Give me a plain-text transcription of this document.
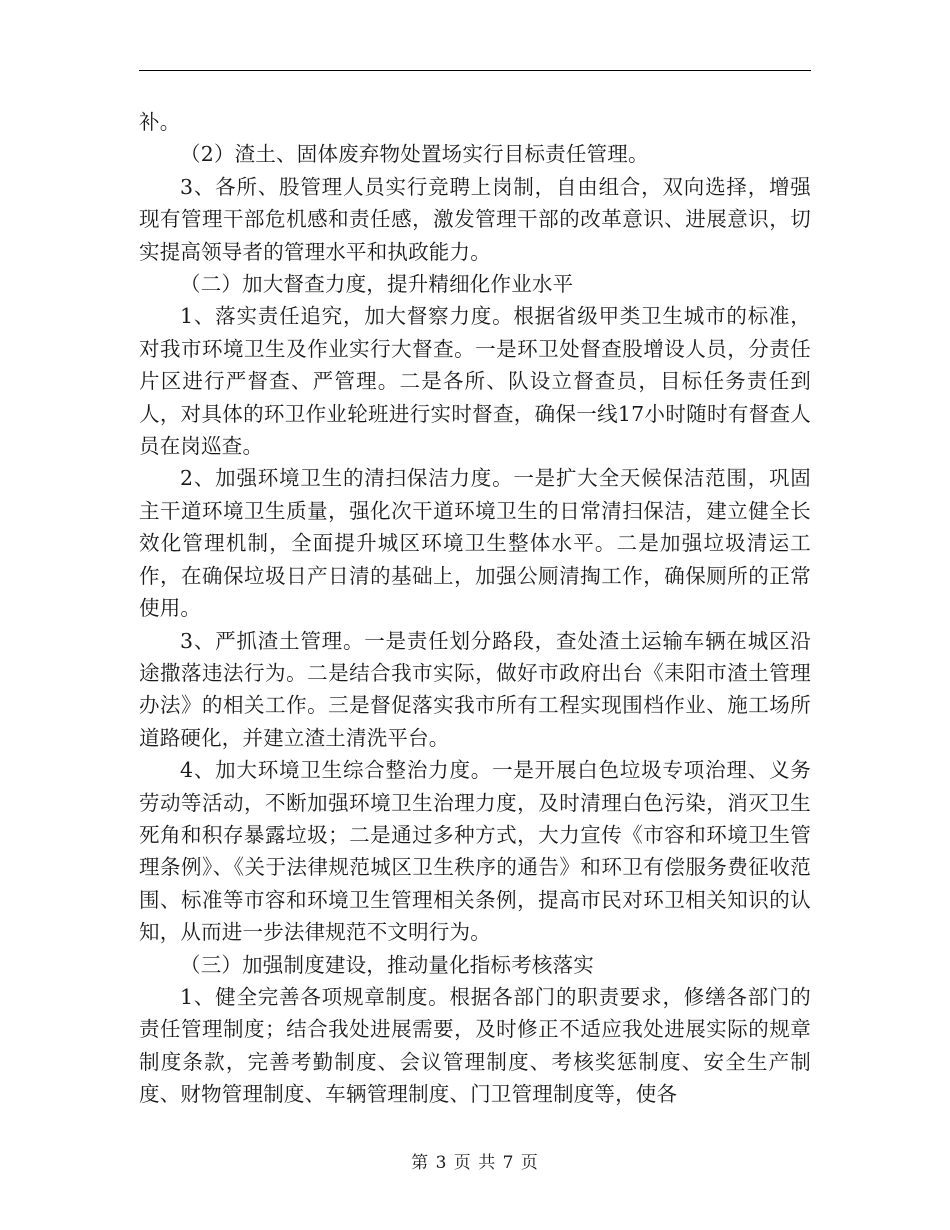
补。

（2）渣土、固体废弃物处置场实行目标责任管理。

3、各所、股管理人员实行竞聘上岗制，自由组合，双向选择，增强现有管理干部危机感和责任感，激发管理干部的改革意识、进展意识，切实提高领导者的管理水平和执政能力。

（二）加大督查力度，提升精细化作业水平

1、落实责任追究，加大督察力度。根据省级甲类卫生城市的标准，对我市环境卫生及作业实行大督查。一是环卫处督查股增设人员，分责任片区进行严督查、严管理。二是各所、队设立督查员，目标任务责任到人，对具体的环卫作业轮班进行实时督查，确保一线17小时随时有督查人员在岗巡查。

2、加强环境卫生的清扫保洁力度。一是扩大全天候保洁范围，巩固主干道环境卫生质量，强化次干道环境卫生的日常清扫保洁，建立健全长效化管理机制，全面提升城区环境卫生整体水平。二是加强垃圾清运工作，在确保垃圾日产日清的基础上，加强公厕清掏工作，确保厕所的正常使用。

3、严抓渣土管理。一是责任划分路段，查处渣土运输车辆在城区沿途撒落违法行为。二是结合我市实际，做好市政府出台《耒阳市渣土管理办法》的相关工作。三是督促落实我市所有工程实现围档作业、施工场所道路硬化，并建立渣土清洗平台。

4、加大环境卫生综合整治力度。一是开展白色垃圾专项治理、义务劳动等活动，不断加强环境卫生治理力度，及时清理白色污染，消灭卫生死角和积存暴露垃圾；二是通过多种方式，大力宣传《市容和环境卫生管理条例》、《关于法律规范城区卫生秩序的通告》和环卫有偿服务费征收范围、标准等市容和环境卫生管理相关条例，提高市民对环卫相关知识的认知，从而进一步法律规范不文明行为。

（三）加强制度建设，推动量化指标考核落实

1、健全完善各项规章制度。根据各部门的职责要求，修缮各部门的责任管理制度；结合我处进展需要，及时修正不适应我处进展实际的规章制度条款，完善考勤制度、会议管理制度、考核奖惩制度、安全生产制度、财物管理制度、车辆管理制度、门卫管理制度等，使各

第 3 页 共 7 页
